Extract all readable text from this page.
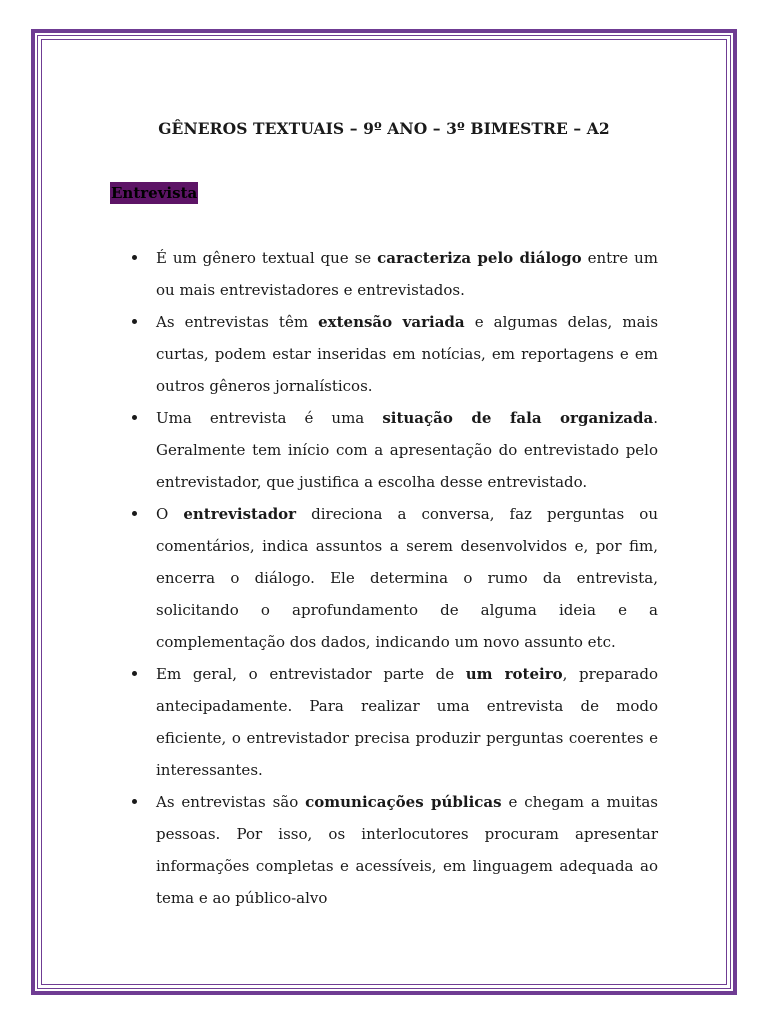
GÊNEROS TEXTUAIS – 9º ANO – 3º BIMESTRE – A2
Entrevista
É um gênero textual que se caracteriza pelo diálogo entre um ou mais entrevistadores e entrevistados.
As entrevistas têm extensão variada e algumas delas, mais curtas, podem estar inseridas em notícias, em reportagens e em outros gêneros jornalísticos.
Uma entrevista é uma situação de fala organizada. Geralmente tem início com a apresentação do entrevistado pelo entrevistador, que justifica a escolha desse entrevistado.
O entrevistador direciona a conversa, faz perguntas ou comentários, indica assuntos a serem desenvolvidos e, por fim, encerra o diálogo. Ele determina o rumo da entrevista, solicitando o aprofundamento de alguma ideia e a complementação dos dados, indicando um novo assunto etc.
Em geral, o entrevistador parte de um roteiro, preparado antecipadamente. Para realizar uma entrevista de modo eficiente, o entrevistador precisa produzir perguntas coerentes e interessantes.
As entrevistas são comunicações públicas e chegam a muitas pessoas. Por isso, os interlocutores procuram apresentar informações completas e acessíveis, em linguagem adequada ao tema e ao público-alvo
